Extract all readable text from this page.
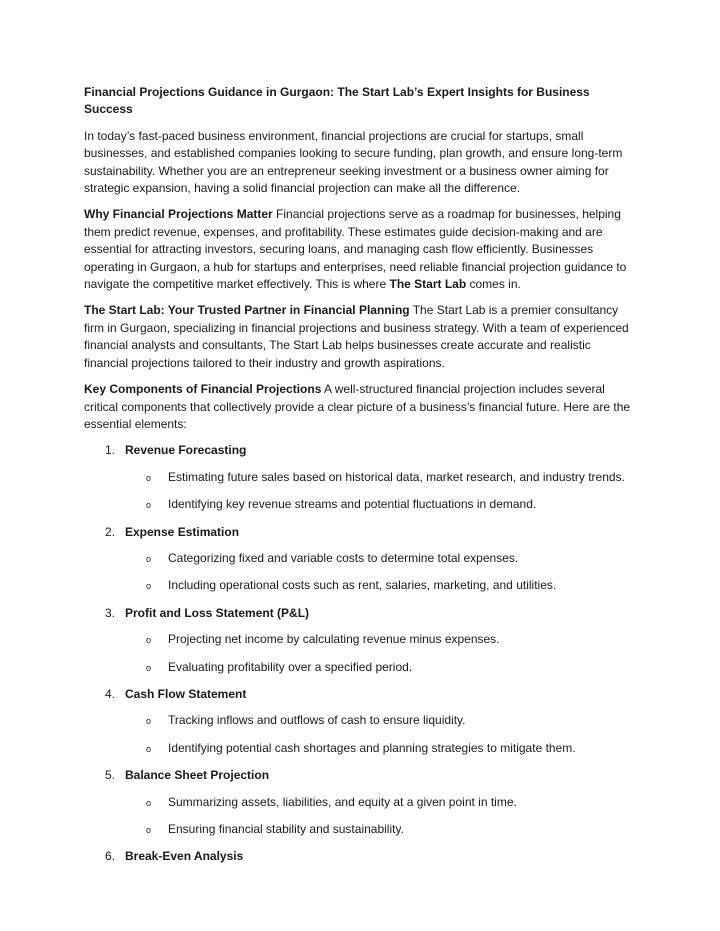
Financial Projections Guidance in Gurgaon: The Start Lab’s Expert Insights for Business Success

In today’s fast-paced business environment, financial projections are crucial for startups, small businesses, and established companies looking to secure funding, plan growth, and ensure long-term sustainability. Whether you are an entrepreneur seeking investment or a business owner aiming for strategic expansion, having a solid financial projection can make all the difference.

Why Financial Projections Matter Financial projections serve as a roadmap for businesses, helping them predict revenue, expenses, and profitability. These estimates guide decision-making and are essential for attracting investors, securing loans, and managing cash flow efficiently. Businesses operating in Gurgaon, a hub for startups and enterprises, need reliable financial projection guidance to navigate the competitive market effectively. This is where The Start Lab comes in.

The Start Lab: Your Trusted Partner in Financial Planning The Start Lab is a premier consultancy firm in Gurgaon, specializing in financial projections and business strategy. With a team of experienced financial analysts and consultants, The Start Lab helps businesses create accurate and realistic financial projections tailored to their industry and growth aspirations.

Key Components of Financial Projections A well-structured financial projection includes several critical components that collectively provide a clear picture of a business’s financial future. Here are the essential elements:

1. Revenue Forecasting
o	Estimating future sales based on historical data, market research, and industry trends.
o	Identifying key revenue streams and potential fluctuations in demand.
2. Expense Estimation
o	Categorizing fixed and variable costs to determine total expenses.
o	Including operational costs such as rent, salaries, marketing, and utilities.
3. Profit and Loss Statement (P&L)
o	Projecting net income by calculating revenue minus expenses.
o	Evaluating profitability over a specified period.
4. Cash Flow Statement
o	Tracking inflows and outflows of cash to ensure liquidity.
o	Identifying potential cash shortages and planning strategies to mitigate them.
5. Balance Sheet Projection
o	Summarizing assets, liabilities, and equity at a given point in time.
o	Ensuring financial stability and sustainability.
6. Break-Even Analysis
